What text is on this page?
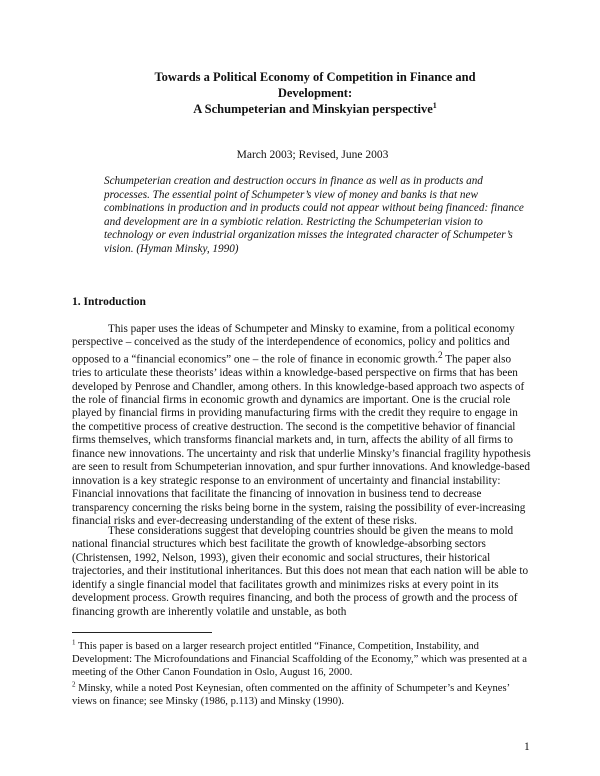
Towards a Political Economy of Competition in Finance and
Development:
A Schumpeterian and Minskyian perspective$^1$
March 2003; Revised, June 2003
Schumpeterian creation and destruction occurs in finance as well as in products and processes. The essential point of Schumpeter’s view of money and banks is that new combinations in production and in products could not appear without being financed: finance and development are in a symbiotic relation. Restricting the Schumpeterian vision to technology or even industrial organization misses the integrated character of Schumpeter’s vision. (Hyman Minsky, 1990)
1. Introduction

This paper uses the ideas of Schumpeter and Minsky to examine, from a political economy perspective – conceived as the study of the interdependence of economics, policy and politics and opposed to a “financial economics” one – the role of finance in economic growth.$^2$ The paper also tries to articulate these theorists’ ideas within a knowledge-based perspective on firms that has been developed by Penrose and Chandler, among others. In this knowledge-based approach two aspects of the role of financial firms in economic growth and dynamics are important. One is the crucial role played by financial firms in providing manufacturing firms with the credit they require to engage in the competitive process of creative destruction. The second is the competitive behavior of financial firms themselves, which transforms financial markets and, in turn, affects the ability of all firms to finance new innovations. The uncertainty and risk that underlie Minsky’s financial fragility hypothesis are seen to result from Schumpeterian innovation, and spur further innovations. And knowledge-based innovation is a key strategic response to an environment of uncertainty and financial instability: Financial innovations that facilitate the financing of innovation in business tend to decrease transparency concerning the risks being borne in the system, raising the possibility of ever-increasing financial risks and ever-decreasing understanding of the extent of these risks.

These considerations suggest that developing countries should be given the means to mold national financial structures which best facilitate the growth of knowledge-absorbing sectors (Christensen, 1992, Nelson, 1993), given their economic and social structures, their historical trajectories, and their institutional inheritances. But this does not mean that each nation will be able to identify a single financial model that facilitates growth and minimizes risks at every point in its development process. Growth requires financing, and both the process of growth and the process of financing growth are inherently volatile and unstable, as both

$^1$ This paper is based on a larger research project entitled “Finance, Competition, Instability, and Development: The Microfoundations and Financial Scaffolding of the Economy,” which was presented at a meeting of the Other Canon Foundation in Oslo, August 16, 2000.

$^2$ Minsky, while a noted Post Keynesian, often commented on the affinity of Schumpeter’s and Keynes’ views on finance; see Minsky (1986, p.113) and Minsky (1990).

1
